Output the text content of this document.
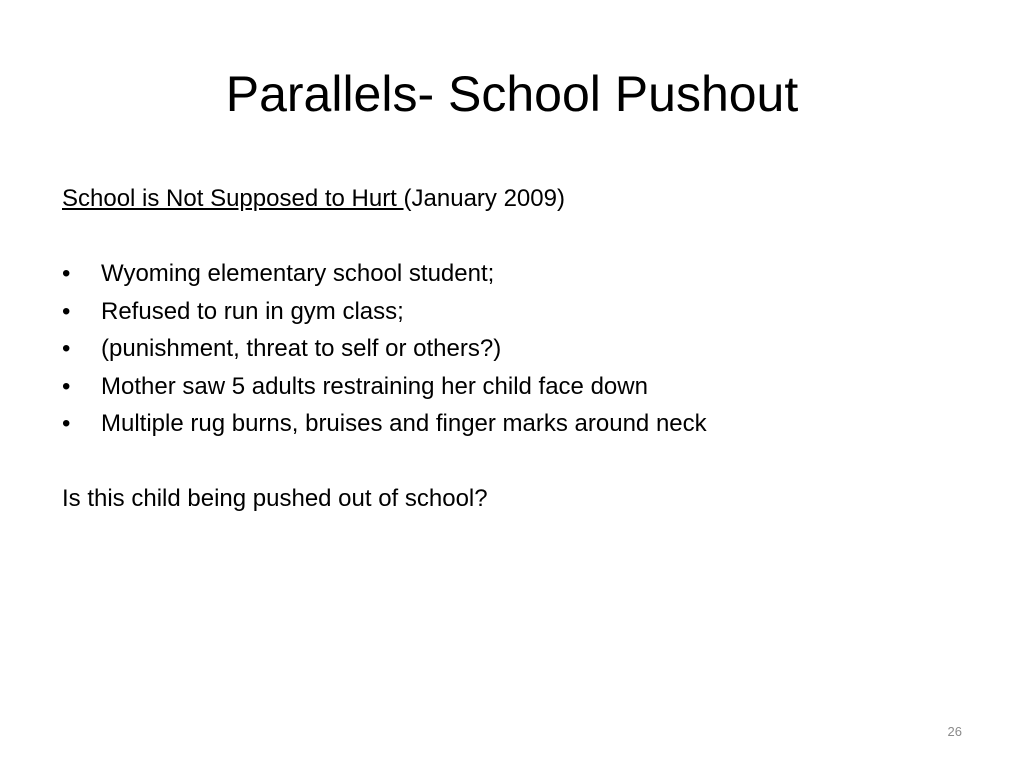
Parallels- School Pushout

School is Not Supposed to Hurt (January 2009)

• Wyoming elementary school student;
• Refused to run in gym class;
• (punishment, threat to self or others?)
• Mother saw 5 adults restraining her child face down
• Multiple rug burns, bruises and finger marks around neck

Is this child being pushed out of school?

26
